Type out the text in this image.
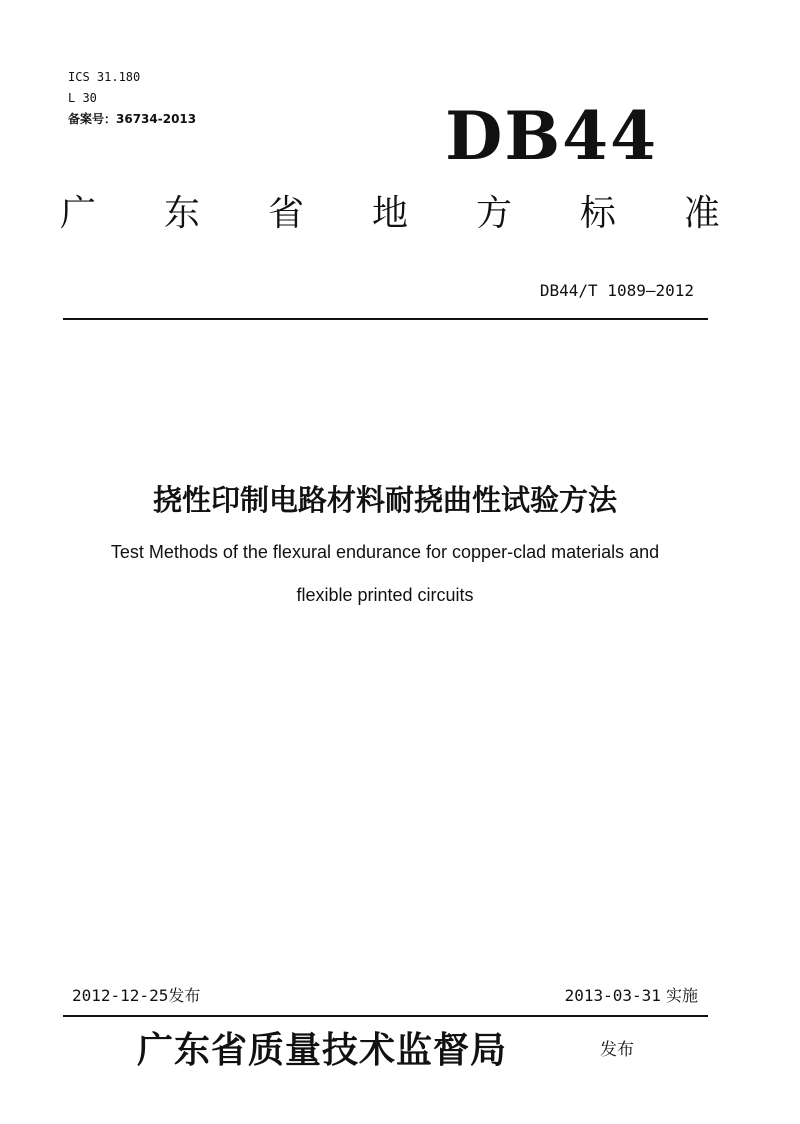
ICS 31.180
L 30
备案号：36734-2013	DB44
广 东 省 地 方 标 准
DB44/T 1089—2012
挠性印制电路材料耐挠曲性试验方法
Test Methods of the flexural endurance for copper-clad materials and
flexible printed circuits
2012-12-25发布	2013-03-31 实施
广东省质量技术监督局	发布
